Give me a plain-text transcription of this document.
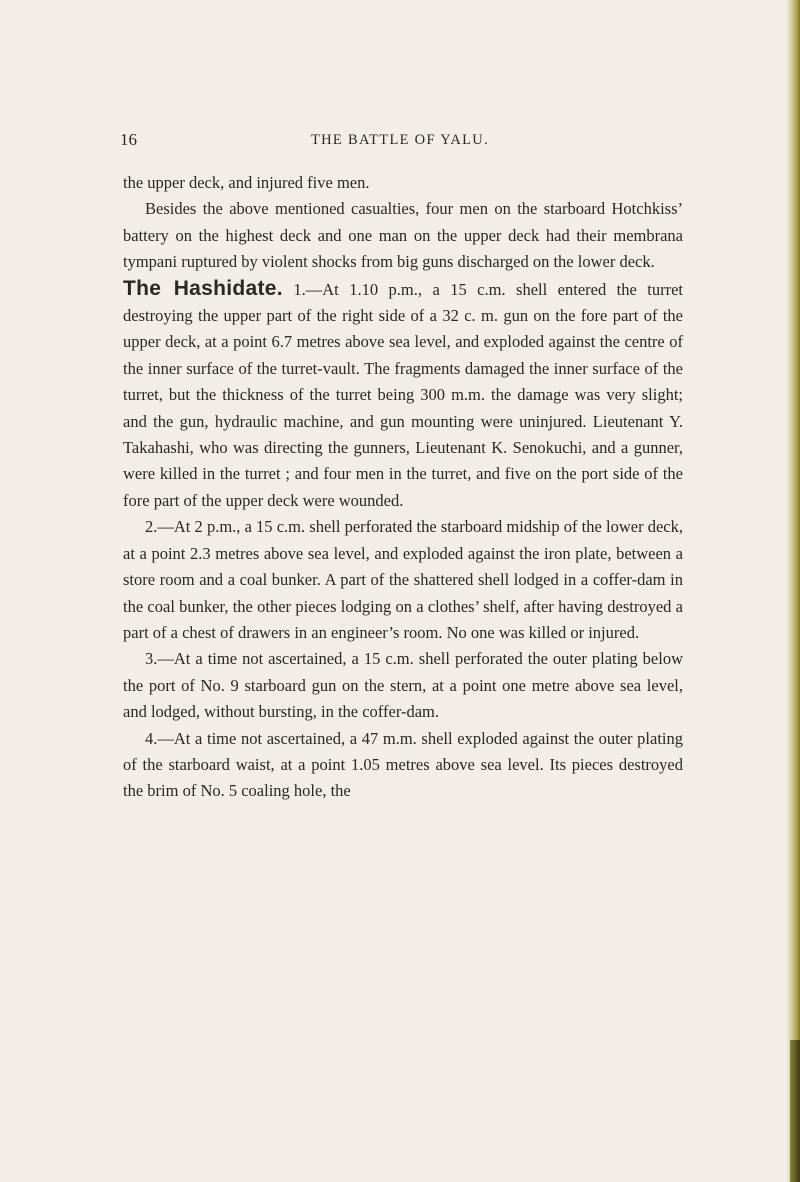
16	THE BATTLE OF YALU.

the upper deck, and injured five men.

Besides the above mentioned casualties, four men on the starboard Hotchkiss’ battery on the highest deck and one man on the upper deck had their membrana tympani ruptured by violent shocks from big guns discharged on the lower deck.

The Hashidate. 1.—At 1.10 p.m., a 15 c.m. shell entered the turret destroying the upper part of the right side of a 32 c. m. gun on the fore part of the upper deck, at a point 6.7 metres above sea level, and exploded against the centre of the inner surface of the turret-vault. The fragments damaged the inner surface of the turret, but the thickness of the turret being 300 m.m. the damage was very slight; and the gun, hydraulic machine, and gun mounting were uninjured. Lieutenant Y. Takahashi, who was directing the gunners, Lieutenant K. Senokuchi, and a gunner, were killed in the turret ; and four men in the turret, and five on the port side of the fore part of the upper deck were wounded.

2.—At 2 p.m., a 15 c.m. shell perforated the starboard midship of the lower deck, at a point 2.3 metres above sea level, and exploded against the iron plate, between a store room and a coal bunker. A part of the shattered shell lodged in a coffer-dam in the coal bunker, the other pieces lodging on a clothes’ shelf, after having destroyed a part of a chest of drawers in an engineer’s room. No one was killed or injured.

3.—At a time not ascertained, a 15 c.m. shell perforated the outer plating below the port of No. 9 starboard gun on the stern, at a point one metre above sea level, and lodged, without bursting, in the coffer-dam.

4.—At a time not ascertained, a 47 m.m. shell exploded against the outer plating of the starboard waist, at a point 1.05 metres above sea level. Its pieces destroyed the brim of No. 5 coaling hole, the
